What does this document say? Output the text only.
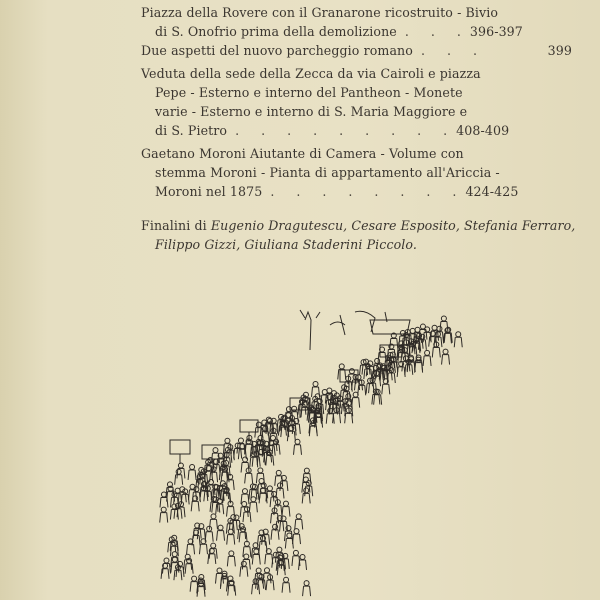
Piazza della Rovere con il Granarone ricostruito - Bivio
di S. Onofrio prima della demolizione . . . 396-397
Due aspetti del nuovo parcheggio romano . . .	399
Veduta della sede della Zecca da via Cairoli e piazza
Pepe - Esterno e interno del Pantheon - Monete
varie - Esterno e interno di S. Maria Maggiore e
di S. Pietro . . . . . . . . . 408-409
Gaetano Moroni Aiutante di Camera - Volume con
stemma Moroni - Pianta di appartamento all'Ariccia -
Moroni nel 1875 . . . . . . . . 424-425
Finalini di
Eugenio Dragutescu, Cesare Esposito, Stefania Ferraro,
Filippo Gizzi, Giuliana Staderini Piccolo.
